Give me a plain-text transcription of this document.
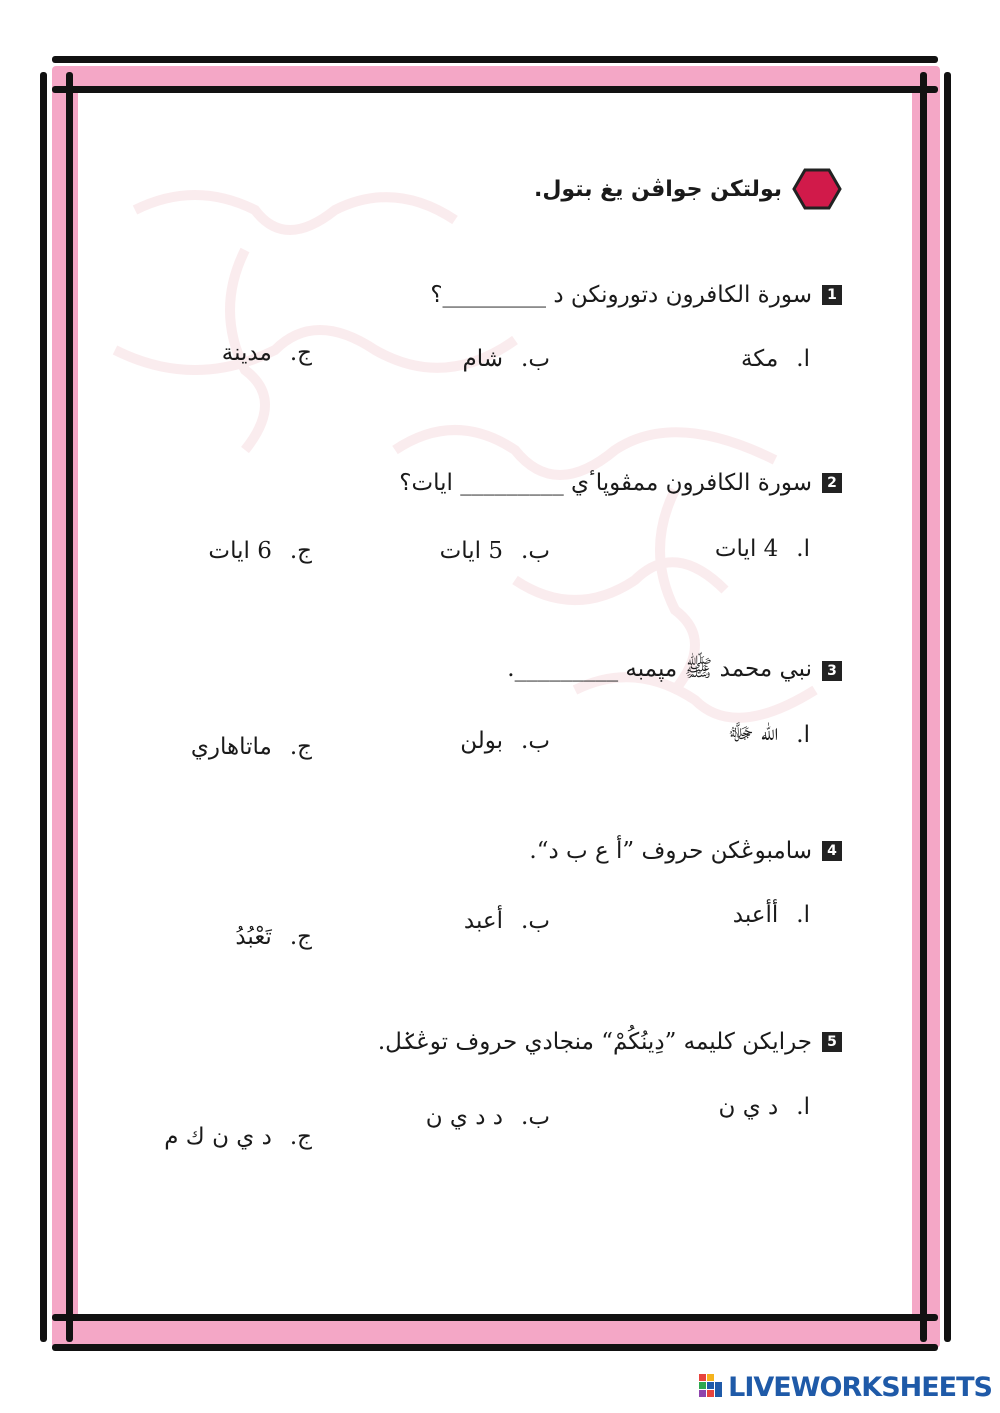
بولتكن جواڤن يغ بتول.
1
سورة الكافرون دتورونكن د _________؟
ا.
مكة
ب.
شام
ج.
مدينة
2
سورة الكافرون ممڤوڽاٴي _________ ايات؟
ا.
4 ايات
ب.
5 ايات
ج.
6 ايات
3
نبي محمد ﷺ مپمبه _________.
ا.
الله ﷻ
ب.
بولن
ج.
ماتاهاري
4
سامبوڠكن حروف ”أ ع ب د“.
ا.
أأعبد
ب.
أعبد
ج.
تَعْبُدُ
5
جرايكن كليمه ”دِينُكُمْ“ منجادي حروف توڠݢل.
ا.
د ي ن
ب.
د د ي ن
ج.
د ي ن ك م
LIVEWORKSHEETS
